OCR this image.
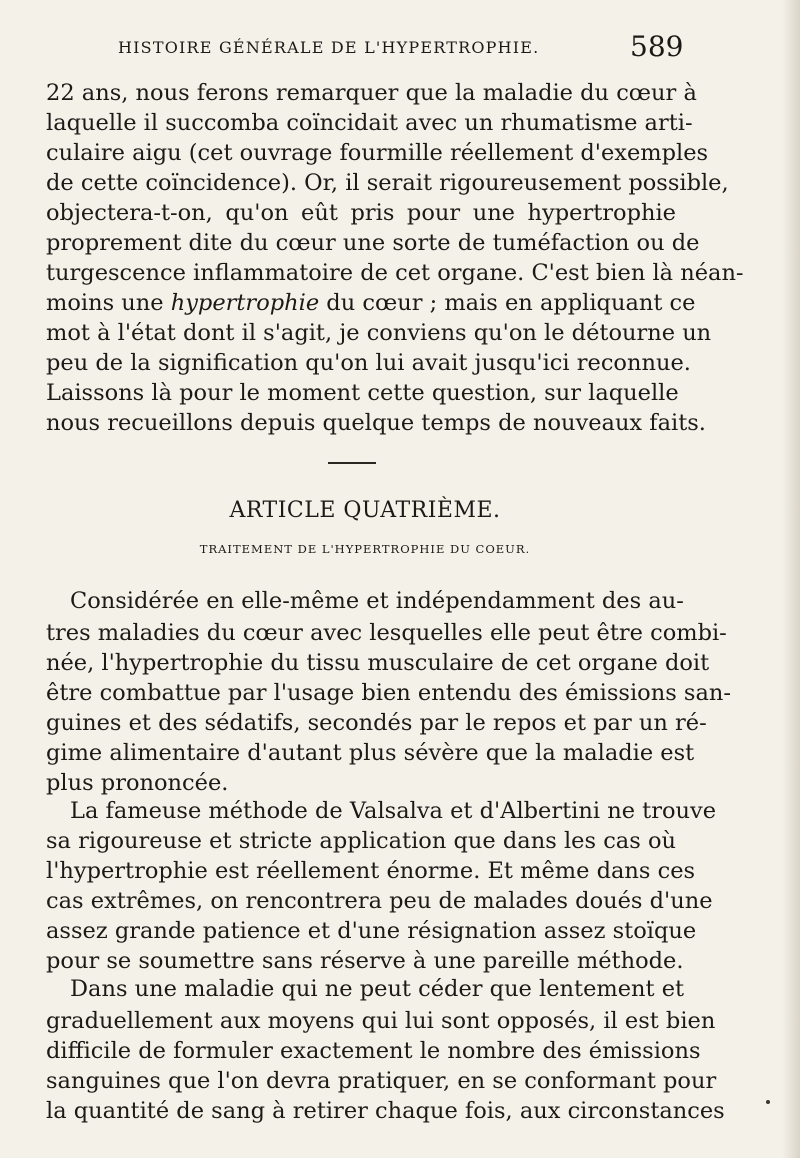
HISTOIRE GÉNÉRALE DE L'HYPERTROPHIE.	589
22 ans, nous ferons remarquer que la maladie du cœur à
laquelle il succomba coïncidait avec un rhumatisme arti-
culaire aigu (cet ouvrage fourmille réellement d'exemples
de cette coïncidence). Or, il serait rigoureusement possible,
objectera-t-on, qu'on eût pris pour une hypertrophie
proprement dite du cœur une sorte de tuméfaction ou de
turgescence inflammatoire de cet organe. C'est bien là néan-
moins une hypertrophie du cœur ; mais en appliquant ce
mot à l'état dont il s'agit, je conviens qu'on le détourne un
peu de la signification qu'on lui avait jusqu'ici reconnue.
Laissons là pour le moment cette question, sur laquelle
nous recueillons depuis quelque temps de nouveaux faits.
ARTICLE QUATRIÈME.
TRAITEMENT DE L'HYPERTROPHIE DU COEUR.
Considérée en elle-même et indépendamment des au-
tres maladies du cœur avec lesquelles elle peut être combi-
née, l'hypertrophie du tissu musculaire de cet organe doit
être combattue par l'usage bien entendu des émissions san-
guines et des sédatifs, secondés par le repos et par un ré-
gime alimentaire d'autant plus sévère que la maladie est
plus prononcée.
La fameuse méthode de Valsalva et d'Albertini ne trouve
sa rigoureuse et stricte application que dans les cas où
l'hypertrophie est réellement énorme. Et même dans ces
cas extrêmes, on rencontrera peu de malades doués d'une
assez grande patience et d'une résignation assez stoïque
pour se soumettre sans réserve à une pareille méthode.
Dans une maladie qui ne peut céder que lentement et
graduellement aux moyens qui lui sont opposés, il est bien
difficile de formuler exactement le nombre des émissions
sanguines que l'on devra pratiquer, en se conformant pour
la quantité de sang à retirer chaque fois, aux circonstances
